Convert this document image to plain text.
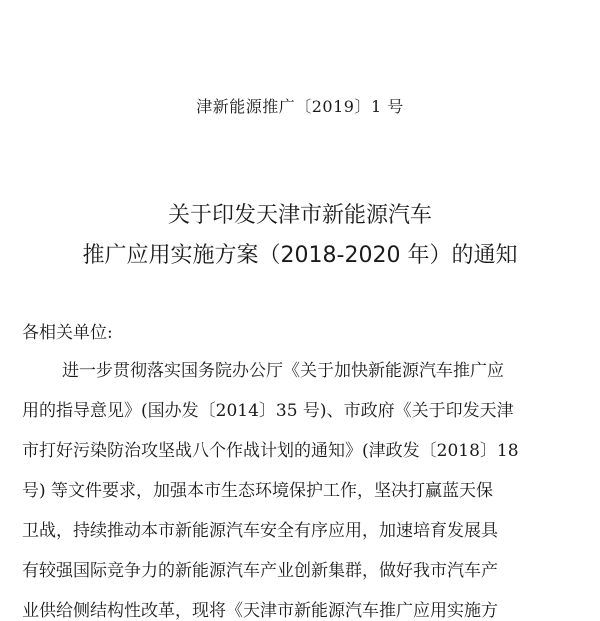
津新能源推广〔2019〕1 号
关于印发天津市新能源汽车
推广应用实施方案（2018-2020 年）的通知
各相关单位:
进一步贯彻落实国务院办公厅《关于加快新能源汽车推广应
用的指导意见》(国办发〔2014〕35 号)、市政府《关于印发天津
市打好污染防治攻坚战八个作战计划的通知》(津政发〔2018〕18
号) 等文件要求，加强本市生态环境保护工作，坚决打赢蓝天保
卫战，持续推动本市新能源汽车安全有序应用，加速培育发展具
有较强国际竞争力的新能源汽车产业创新集群，做好我市汽车产
业供给侧结构性改革，现将《天津市新能源汽车推广应用实施方
